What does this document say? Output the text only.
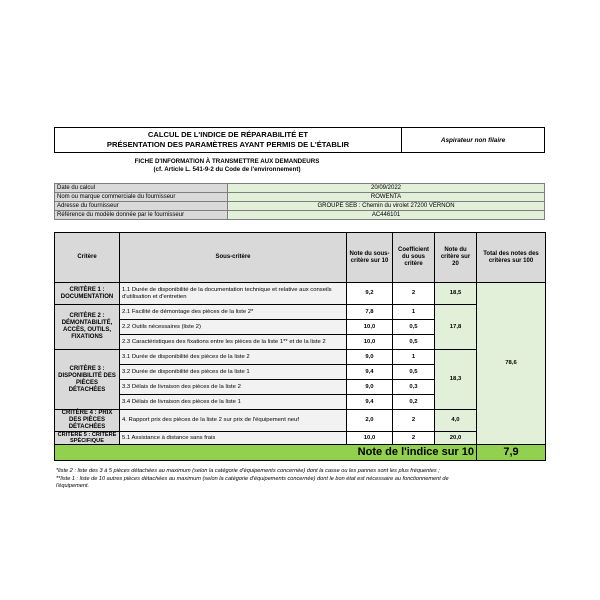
CALCUL DE L'INDICE DE RÉPARABILITÉ ET
PRÉSENTATION DES PARAMÈTRES AYANT PERMIS DE L'ÉTABLIR	Aspirateur non filaire
FICHE D'INFORMATION À TRANSMETTRE AUX DEMANDEURS
(cf. Article L. 541-9-2 du Code de l'environnement)
Date du calcul	20/09/2022
Nom ou marque commerciale du fournisseur	ROWENTA
Adresse du fournisseur	GROUPE SEB : Chemin du virolet 27200 VERNON
Référence du modèle donnée par le fournisseur	AC446101
Critère	Sous-critère	Note du sous-critère sur 10	Coefficient du sous critère	Note du critère sur 20	Total des notes des critères sur 100
CRITÈRE 1 : DOCUMENTATION	1.1 Durée de disponibilité de la documentation technique et relative aux conseils d'utilisation et d'entretien	9,2	2	18,5	78,6
CRITÈRE 2 : DÉMONTABILITÉ, ACCÈS, OUTILS, FIXATIONS	2.1 Facilité de démontage des pièces de la liste 2*	7,8	1	17,8	
	2.2 Outils nécessaires (liste 2)	10,0	0,5		
	2.3 Caractéristiques des fixations entre les pièces de la liste 1** et de la liste 2	10,0	0,5		
CRITÈRE 3 : DISPONIBILITÉ DES PIÈCES DÉTACHÉES	3.1 Durée de disponibilité des pièces de la liste 2	9,0	1	18,3	
	3.2 Durée de disponibilité des pièces de la liste 1	9,4	0,5		
	3.3 Délais de livraison des pièces de la liste 2	9,0	0,3		
	3.4 Délais de livraison des pièces de la liste 1	9,4	0,2		
CRITÈRE 4 : PRIX DES PIÈCES DÉTACHÉES	4. Rapport prix des pièces de la liste 2 sur prix de l'équipement neuf	2,0	2	4,0	
CRITÈRE 5 : CRITÈRE SPÉCIFIQUE	5.1 Assistance à distance sans frais	10,0	2	20,0	
Note de l'indice sur 10					7,9
*liste 2 : liste des 3 à 5 pièces détachées au maximum (selon la catégorie d'équipements concernée) dont la casse ou les pannes sont les plus fréquentes ;
**liste 1 : liste de 10 autres pièces détachées au maximum (selon la catégorie d'équipements concernée) dont le bon état est nécessaire au fonctionnement de
l'équipement.
